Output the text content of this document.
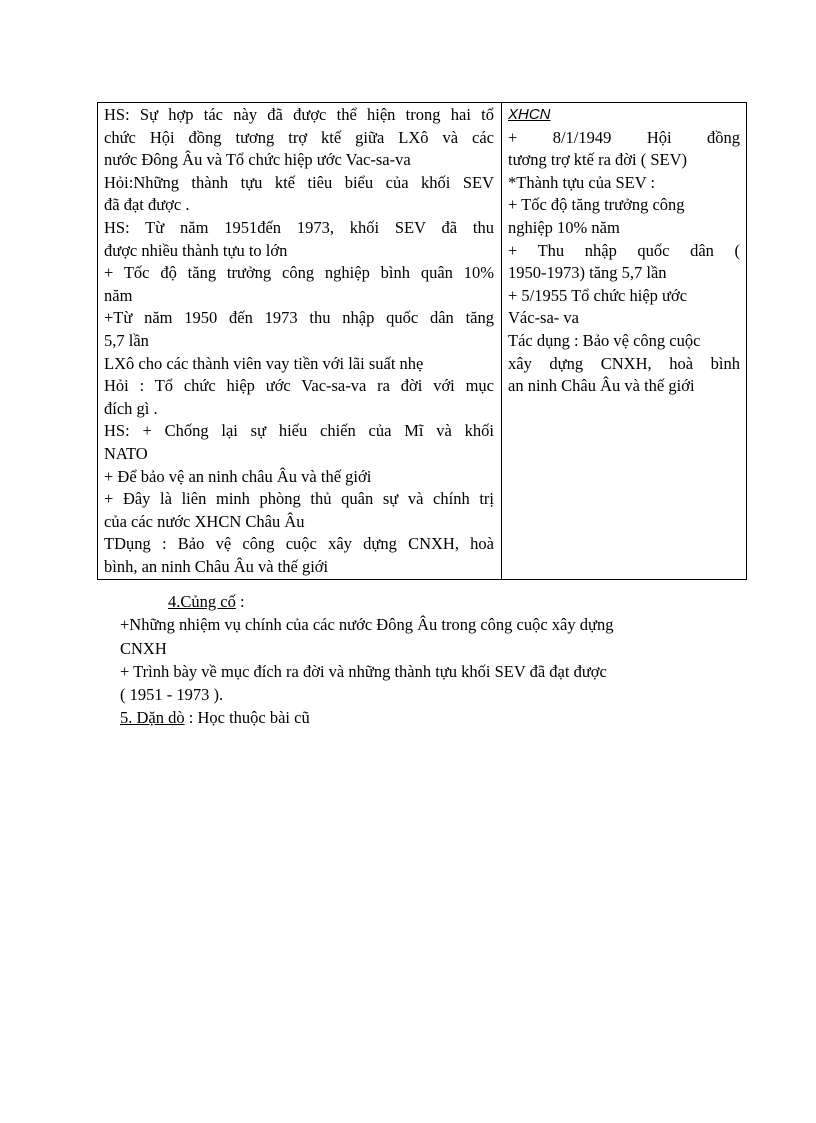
HS: Sự hợp tác này đã được thể hiện trong hai tổ
chức Hội đồng tương trợ ktế giữa LXô và các
nước Đông Âu và Tổ chức hiệp ước Vac-sa-va
Hỏi:Những thành tựu ktế tiêu biểu của khối SEV
đã đạt được .
HS: Từ năm 1951đến 1973, khối SEV đã thu
được nhiều thành tựu to lớn
+ Tốc độ tăng trưởng công nghiệp bình quân 10%
năm
+Từ năm 1950 đến 1973 thu nhập quốc dân tăng
5,7 lần
LXô cho các thành viên vay tiền với lãi suất nhẹ
Hỏi : Tổ chức hiệp ước Vac-sa-va ra đời với mục
đích gì .
HS: + Chống lại sự hiếu chiến của Mĩ và khối
NATO
+ Để bảo vệ an ninh châu Âu và thế giới
+ Đây là liên minh phòng thủ quân sự và chính trị
của các nước XHCN Châu Âu
TDụng : Bảo vệ công cuộc xây dựng CNXH, hoà
bình, an ninh Châu Âu và thế giới

XHCN
+ 8/1/1949 Hội đồng
tương trợ ktế ra đời ( SEV)
*Thành tựu của SEV :
+ Tốc độ tăng trưởng công
nghiệp 10% năm
+ Thu nhập quốc dân (
1950-1973) tăng 5,7 lần
+ 5/1955 Tổ chức hiệp ước
Vác-sa- va
Tác dụng : Bảo vệ công cuộc
xây dựng CNXH, hoà bình
an ninh Châu Âu và thế giới
4.Củng cố :
+Những nhiệm vụ chính của các nước Đông Âu trong công cuộc xây dựng
CNXH
+ Trình bày về mục đích ra đời và những thành tựu khối SEV đã đạt được
( 1951 - 1973 ).
5. Dặn dò : Học thuộc bài cũ
